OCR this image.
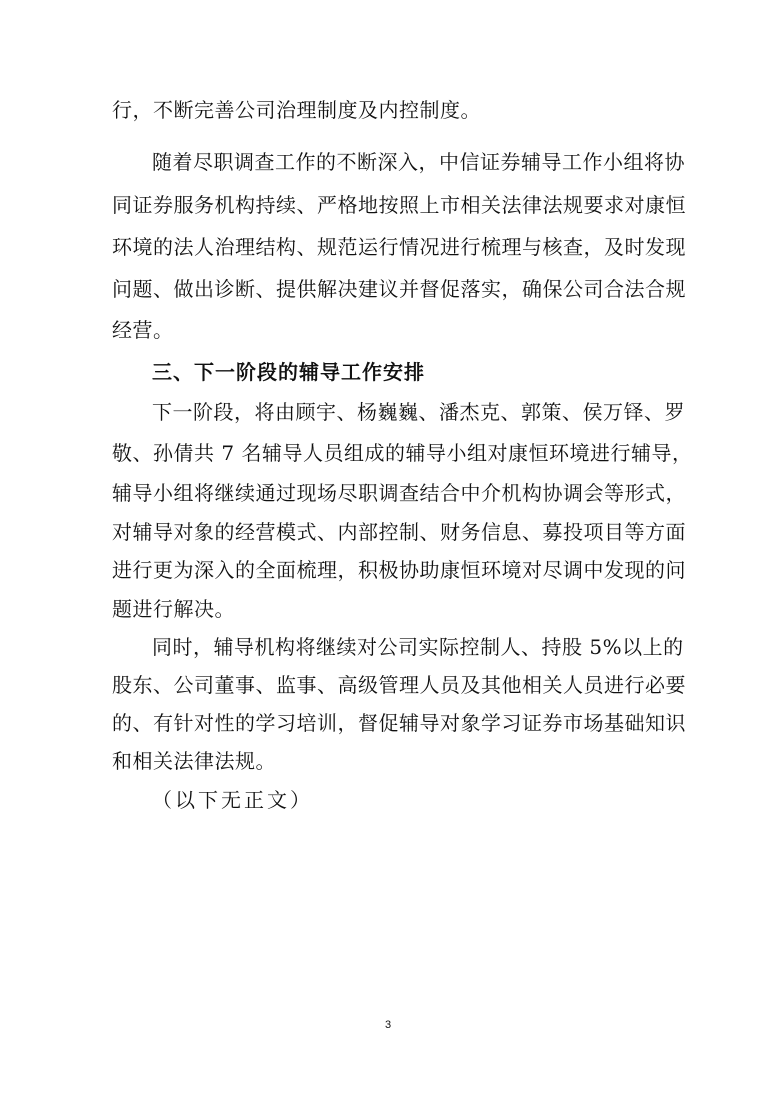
行，不断完善公司治理制度及内控制度。
随着尽职调查工作的不断深入，中信证券辅导工作小组将协
同证券服务机构持续、严格地按照上市相关法律法规要求对康恒
环境的法人治理结构、规范运行情况进行梳理与核查，及时发现
问题、做出诊断、提供解决建议并督促落实，确保公司合法合规
经营。
三、下一阶段的辅导工作安排
下一阶段，将由顾宇、杨巍巍、潘杰克、郭策、侯万铎、罗
敬、孙倩共 7 名辅导人员组成的辅导小组对康恒环境进行辅导，
辅导小组将继续通过现场尽职调查结合中介机构协调会等形式，
对辅导对象的经营模式、内部控制、财务信息、募投项目等方面
进行更为深入的全面梳理，积极协助康恒环境对尽调中发现的问
题进行解决。
同时，辅导机构将继续对公司实际控制人、持股 5%以上的
股东、公司董事、监事、高级管理人员及其他相关人员进行必要
的、有针对性的学习培训，督促辅导对象学习证券市场基础知识
和相关法律法规。
（以下无正文）
3
